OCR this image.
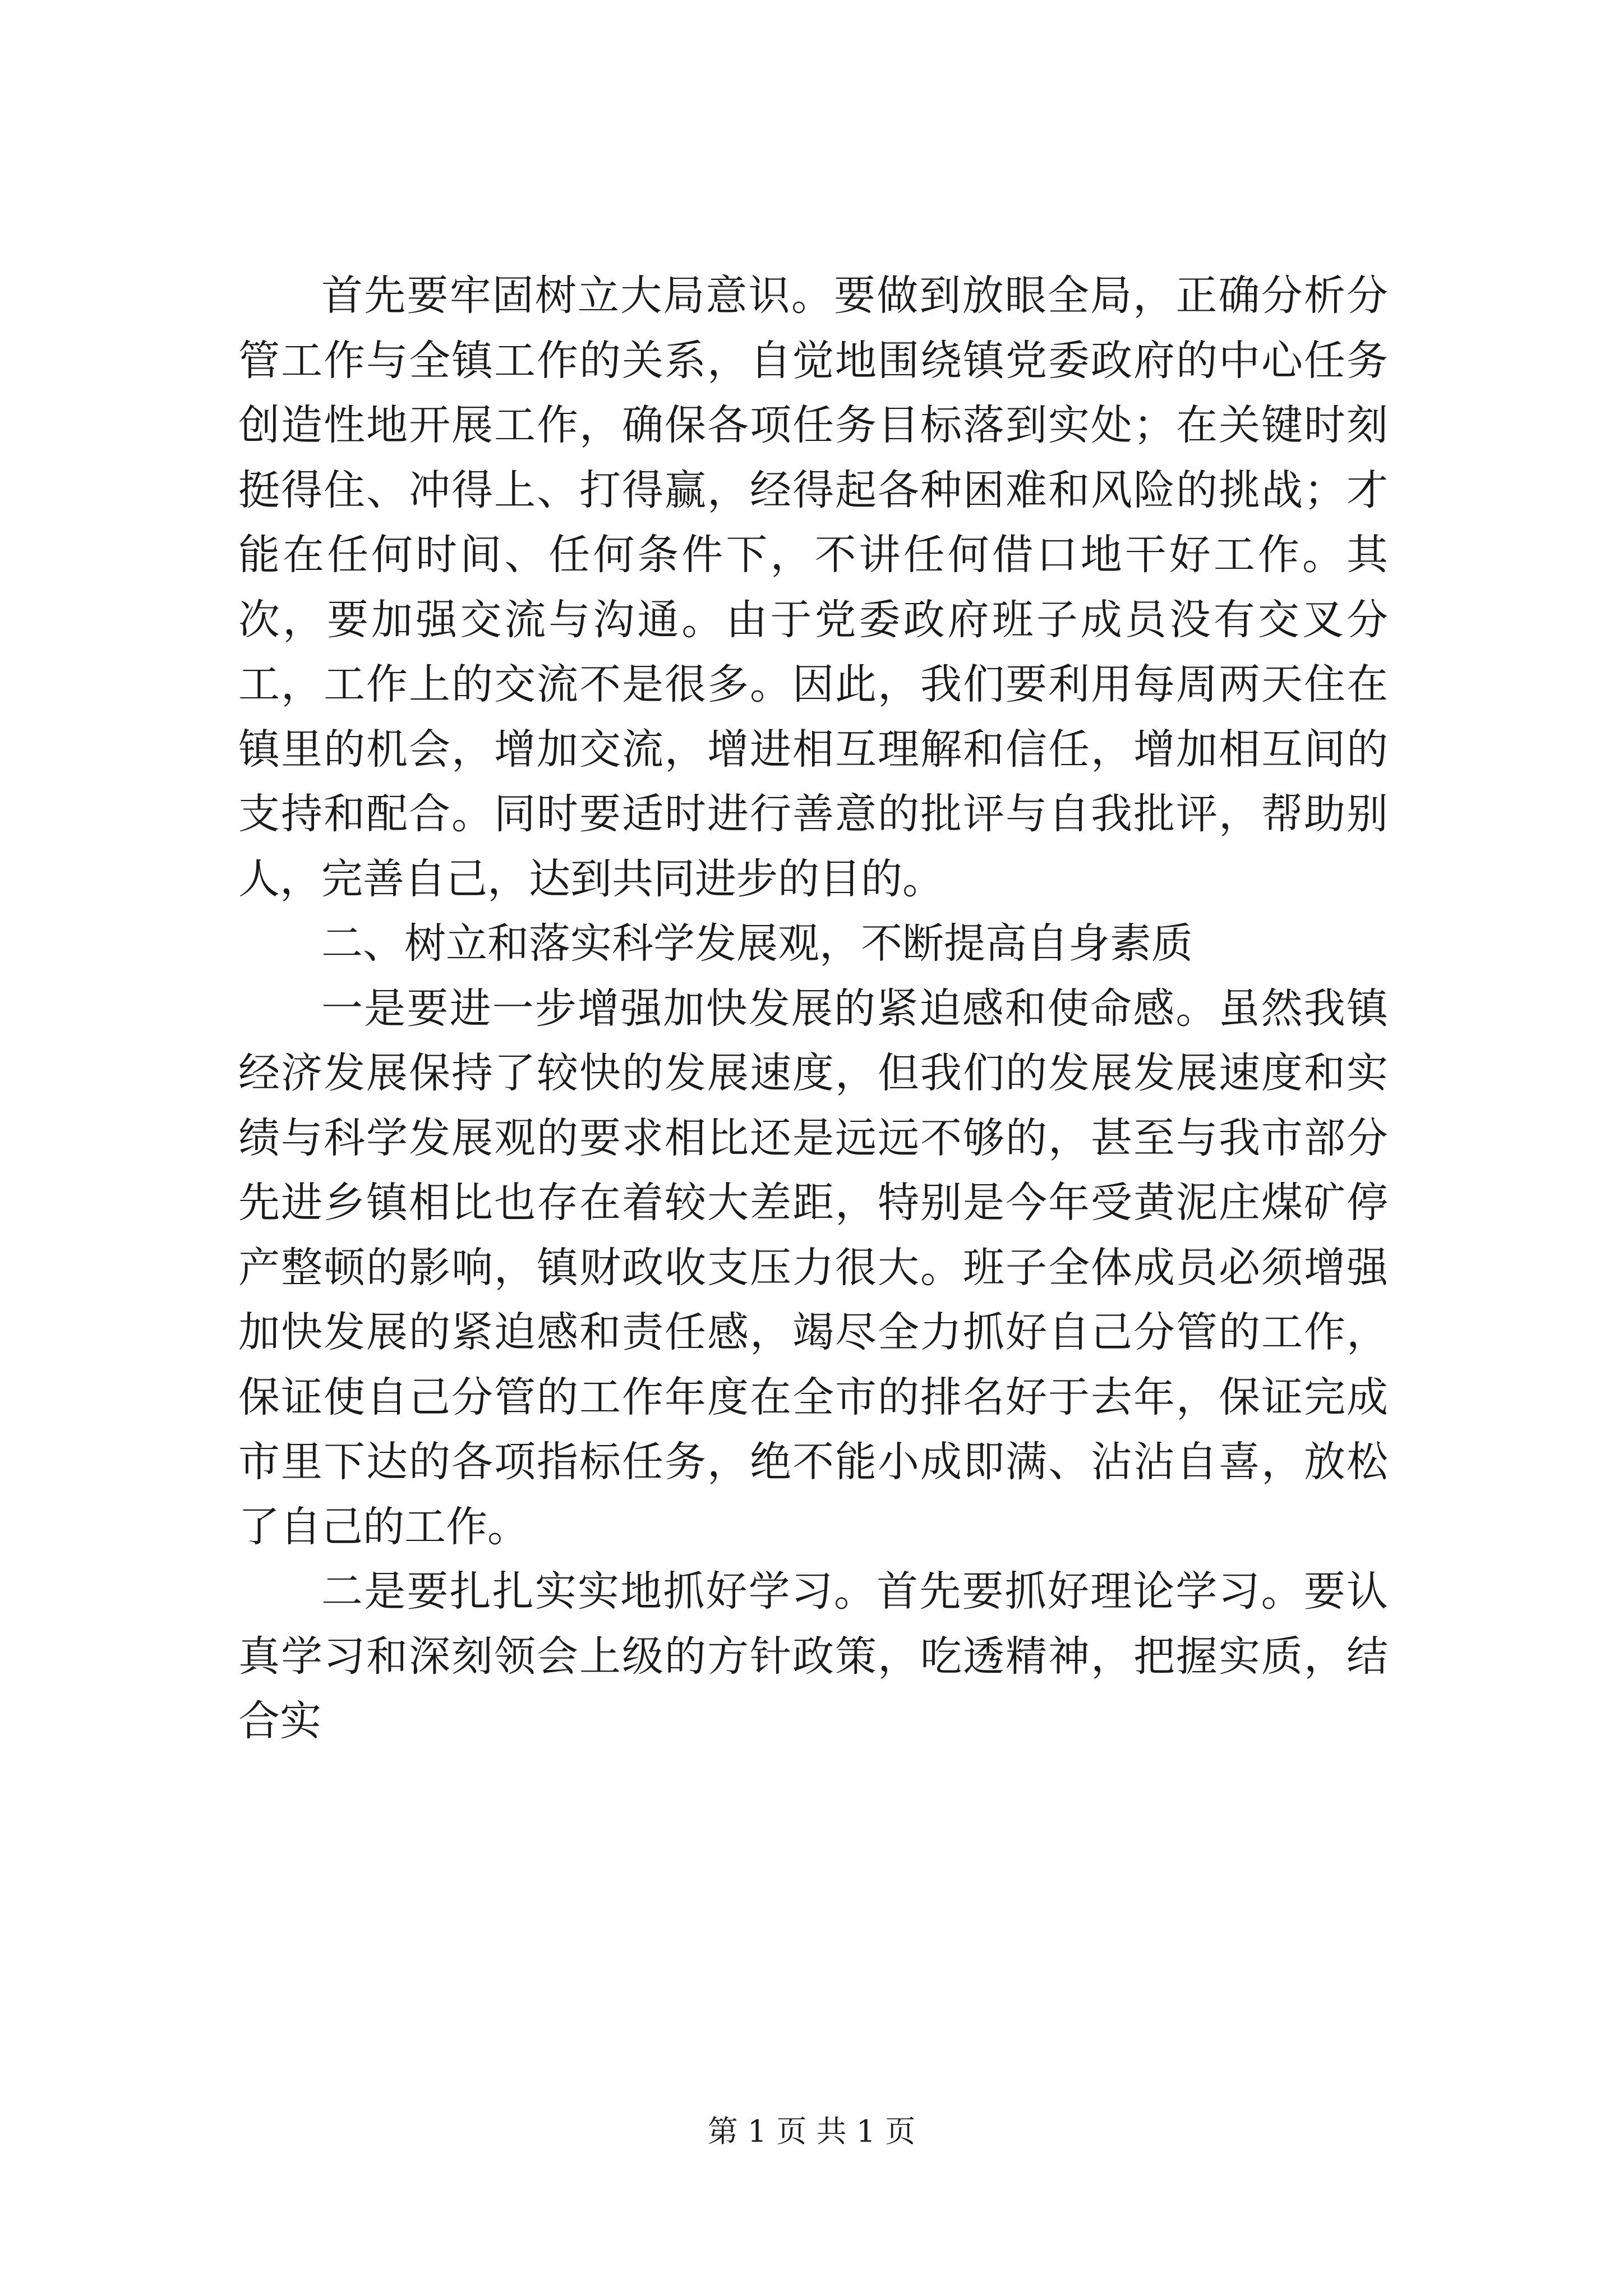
首先要牢固树立大局意识。要做到放眼全局，正确分析分管工作与全镇工作的关系，自觉地围绕镇党委政府的中心任务创造性地开展工作，确保各项任务目标落到实处；在关键时刻挺得住、冲得上、打得赢，经得起各种困难和风险的挑战；才能在任何时间、任何条件下，不讲任何借口地干好工作。其次，要加强交流与沟通。由于党委政府班子成员没有交叉分工，工作上的交流不是很多。因此，我们要利用每周两天住在镇里的机会，增加交流，增进相互理解和信任，增加相互间的支持和配合。同时要适时进行善意的批评与自我批评，帮助别人，完善自己，达到共同进步的目的。

二、树立和落实科学发展观，不断提高自身素质

一是要进一步增强加快发展的紧迫感和使命感。虽然我镇经济发展保持了较快的发展速度，但我们的发展发展速度和实绩与科学发展观的要求相比还是远远不够的，甚至与我市部分先进乡镇相比也存在着较大差距，特别是今年受黄泥庄煤矿停产整顿的影响，镇财政收支压力很大。班子全体成员必须增强加快发展的紧迫感和责任感，竭尽全力抓好自己分管的工作，保证使自己分管的工作年度在全市的排名好于去年，保证完成市里下达的各项指标任务，绝不能小成即满、沾沾自喜，放松了自己的工作。

二是要扎扎实实地抓好学习。首先要抓好理论学习。要认真学习和深刻领会上级的方针政策，吃透精神，把握实质，结合实

第 1 页 共 1 页
